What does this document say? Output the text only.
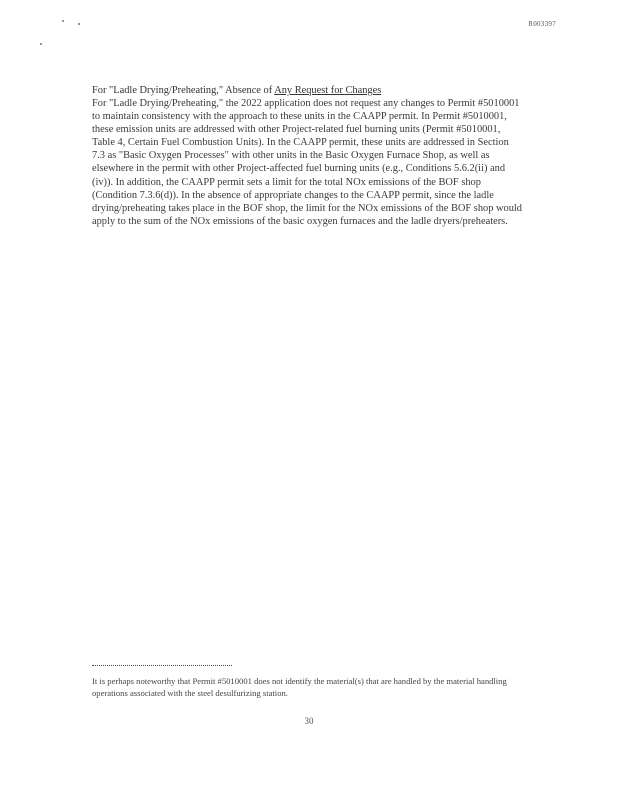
R003397
For "Ladle Drying/Preheating," Absence of Any Request for Changes

For "Ladle Drying/Preheating," the 2022 application does not request any changes to Permit #5010001 to maintain consistency with the approach to these units in the CAAPP permit. In Permit #5010001, these emission units are addressed with other Project-related fuel burning units (Permit #5010001, Table 4, Certain Fuel Combustion Units). In the CAAPP permit, these units are addressed in Section 7.3 as "Basic Oxygen Processes" with other units in the Basic Oxygen Furnace Shop, as well as elsewhere in the permit with other Project-affected fuel burning units (e.g., Conditions 5.6.2(ii) and (iv)). In addition, the CAAPP permit sets a limit for the total NOx emissions of the BOF shop (Condition 7.3.6(d)). In the absence of appropriate changes to the CAAPP permit, since the ladle drying/preheating takes place in the BOF shop, the limit for the NOx emissions of the BOF shop would apply to the sum of the NOx emissions of the basic oxygen furnaces and the ladle dryers/preheaters.

It is perhaps noteworthy that Permit #5010001 does not identify the material(s) that are handled by the material handling operations associated with the steel desulfurizing station.

30
